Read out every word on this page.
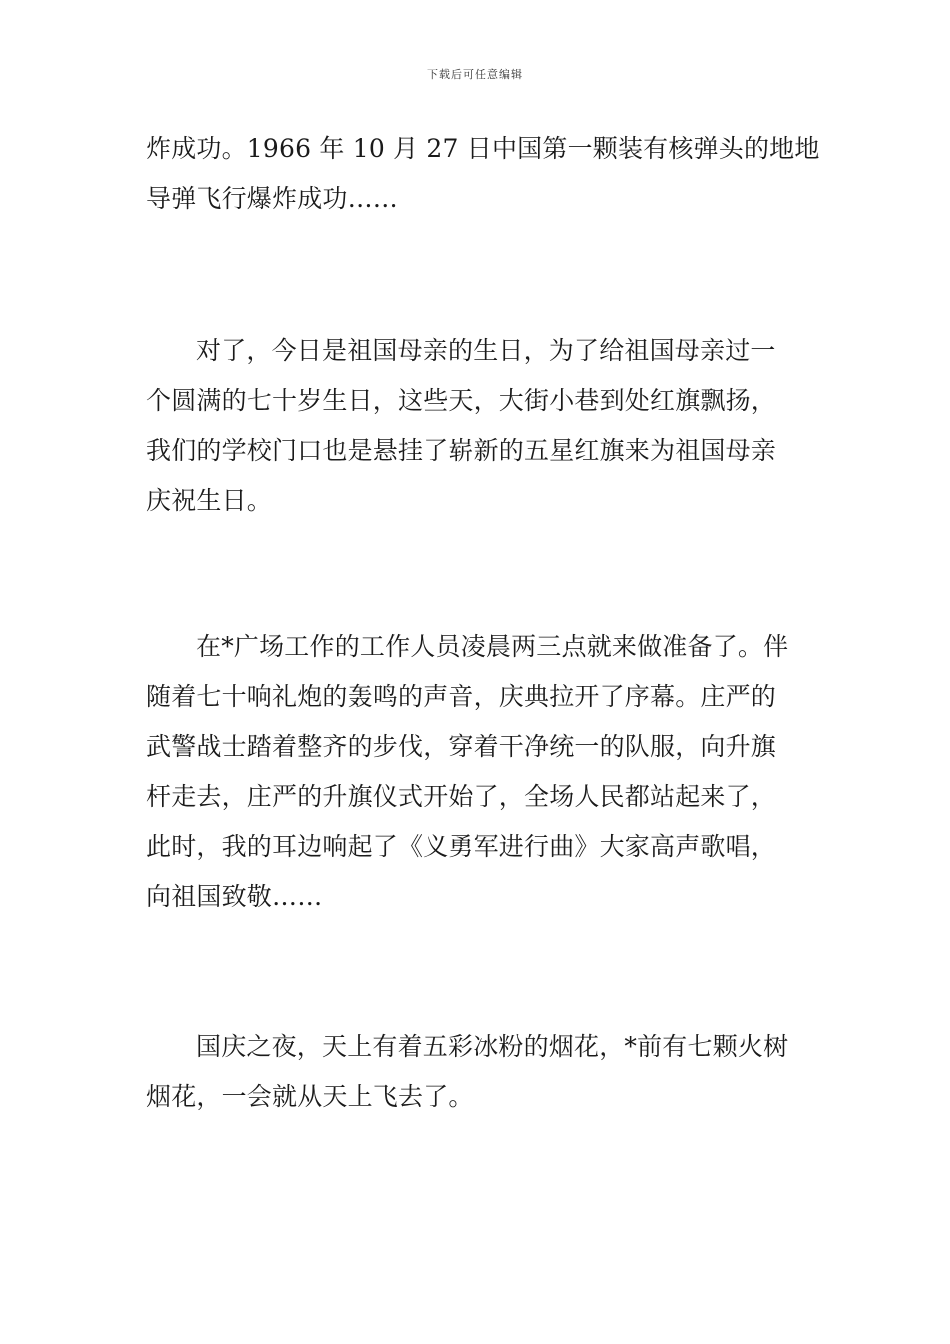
下载后可任意编辑
炸成功。1966 年 10 月 27 日中国第一颗装有核弹头的地地
导弹飞行爆炸成功……
对了，今日是祖国母亲的生日，为了给祖国母亲过一
个圆满的七十岁生日，这些天，大街小巷到处红旗飘扬，
我们的学校门口也是悬挂了崭新的五星红旗来为祖国母亲
庆祝生日。
在*广场工作的工作人员凌晨两三点就来做准备了。伴
随着七十响礼炮的轰鸣的声音，庆典拉开了序幕。庄严的
武警战士踏着整齐的步伐，穿着干净统一的队服，向升旗
杆走去，庄严的升旗仪式开始了，全场人民都站起来了，
此时，我的耳边响起了《义勇军进行曲》大家高声歌唱，
向祖国致敬……
国庆之夜，天上有着五彩冰粉的烟花，*前有七颗火树
烟花，一会就从天上飞去了。
